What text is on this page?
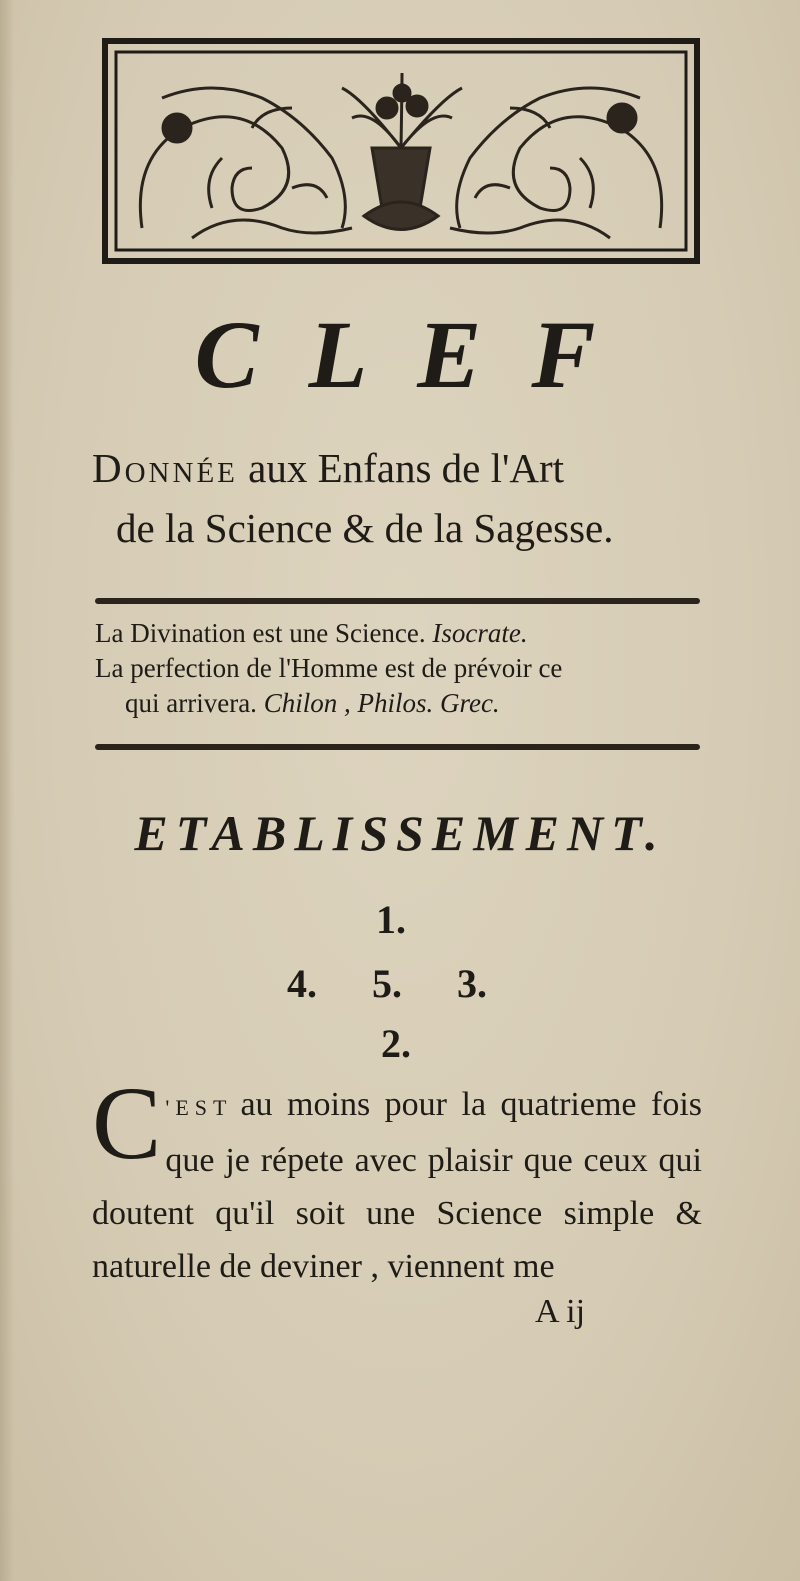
CLEF
Donnée aux Enfans de l'Art
de la Science & de la Sagesse.
La Divination est une Science. Isocrate.
La perfection de l'Homme est de prévoir ce
qui arrivera. Chilon , Philos. Grec.
ETABLISSEMENT.
1.
4. 5. 3.
2.
C 'EST au moins pour la quatrieme fois que je répete avec plaisir que ceux qui doutent qu'il soit une Science simple & naturelle de deviner , viennent me
A ij
